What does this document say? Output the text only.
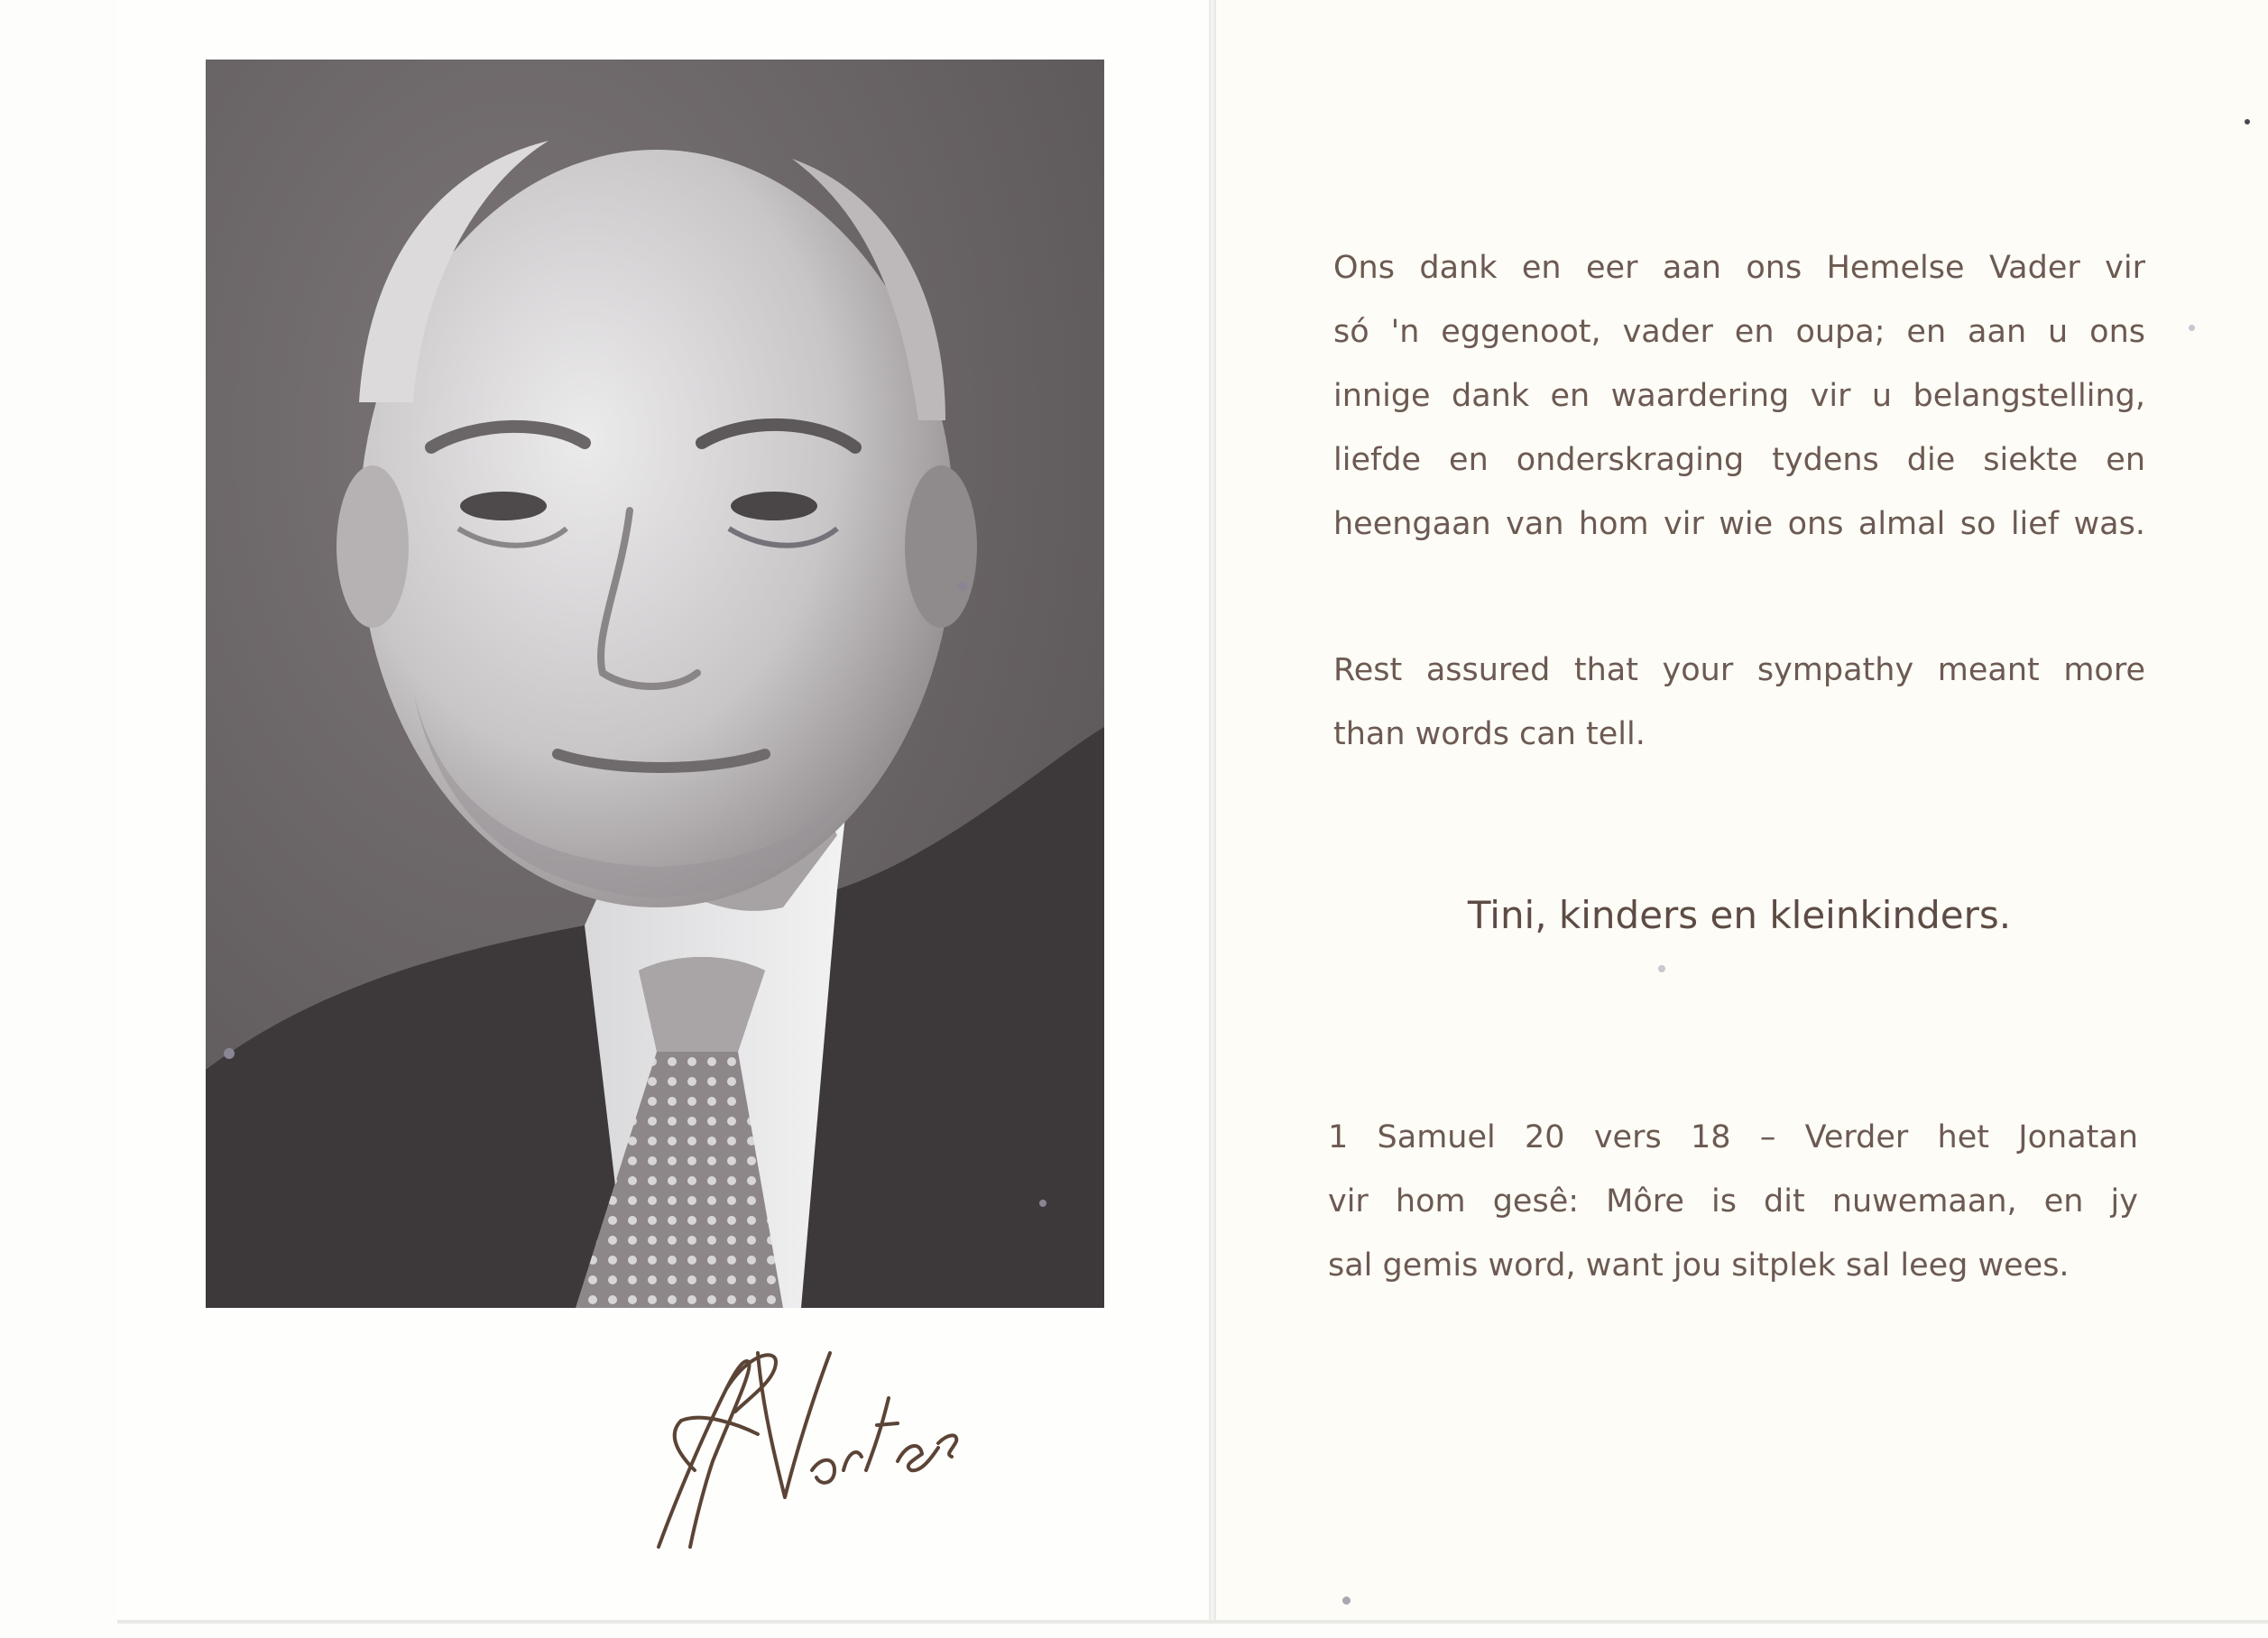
Ons dank en eer aan ons Hemelse Vader vir
só 'n eggenoot, vader en oupa; en aan u ons
innige dank en waardering vir u belangstelling,
liefde en onderskraging tydens die siekte en
heengaan van hom vir wie ons almal so lief was.
Rest assured that your sympathy meant more
than words can tell.
Tini, kinders en kleinkinders.
1 Samuel 20 vers 18 – Verder het Jonatan
vir hom gesê: Môre is dit nuwemaan, en jy
sal gemis word, want jou sitplek sal leeg wees.
